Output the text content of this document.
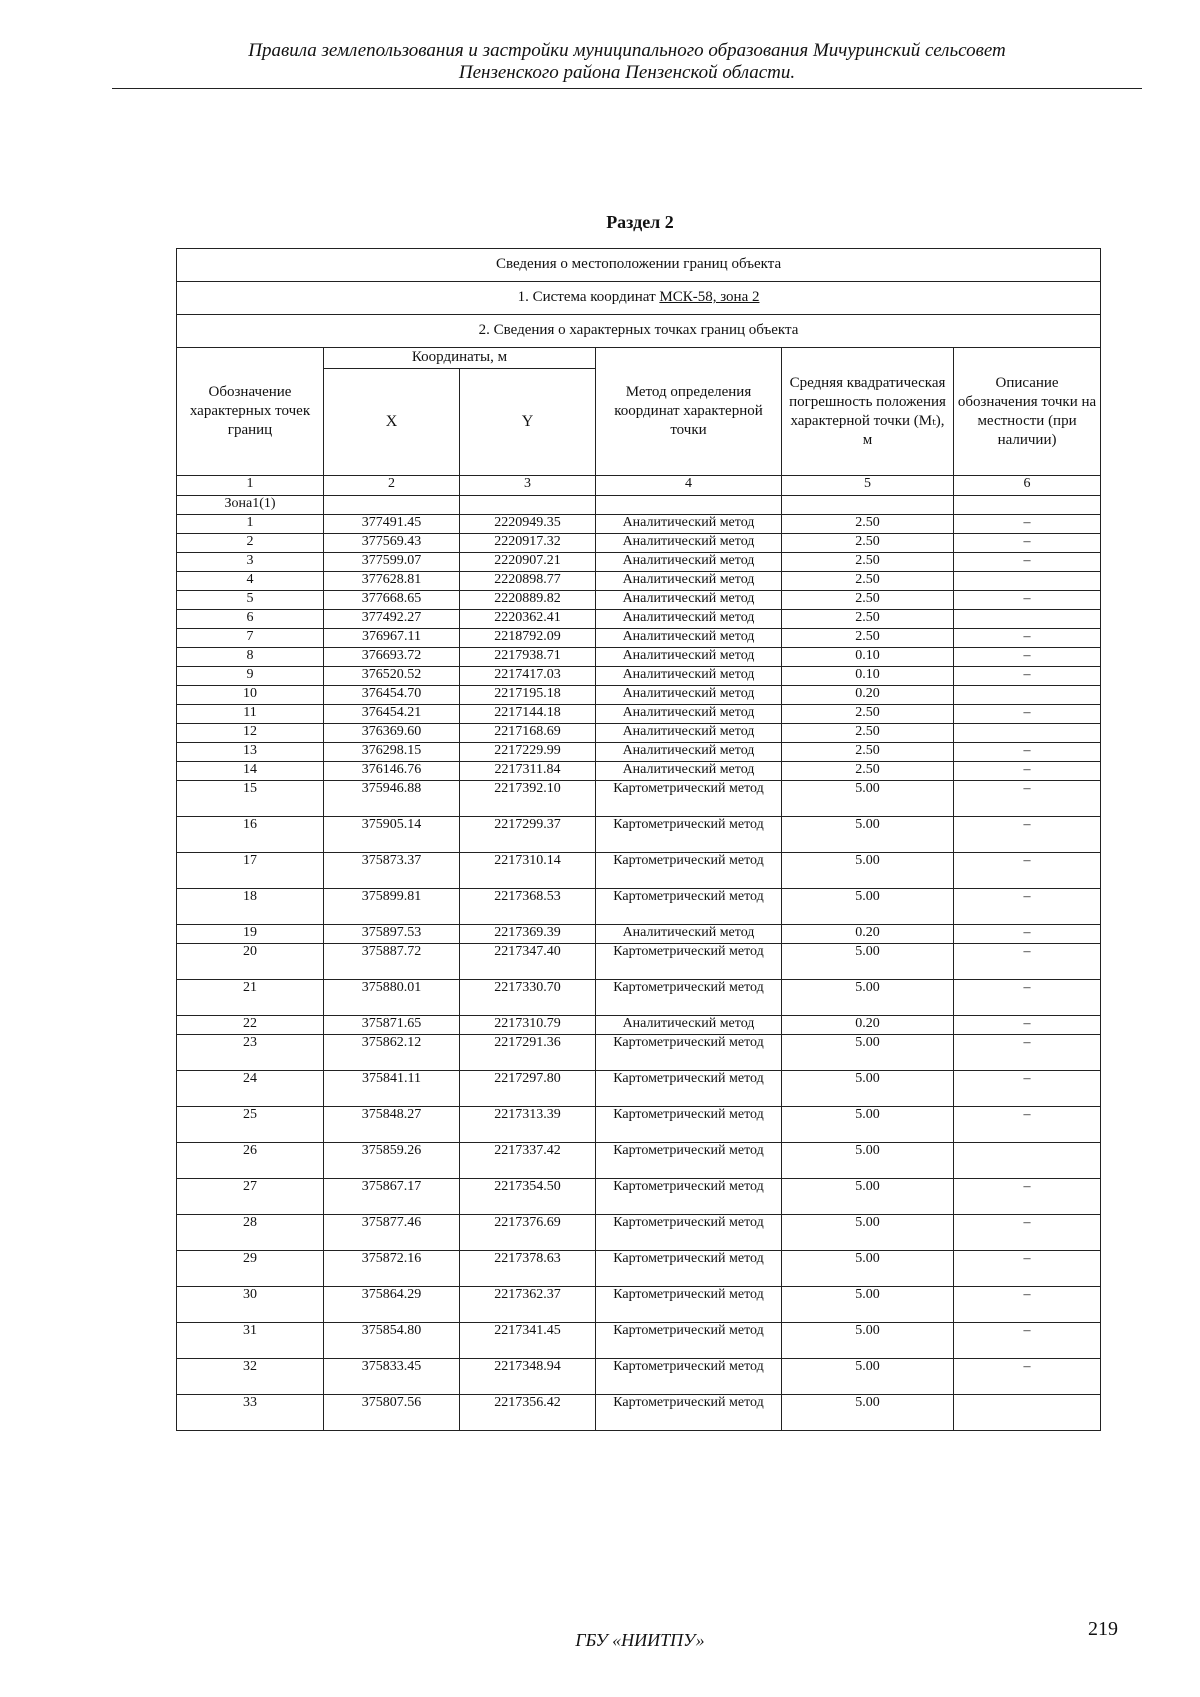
Правила землепользования и застройки муниципального образования Мичуринский сельсовет
Пензенского района Пензенской области.
Раздел 2
Сведения о местоположении границ объекта					
1. Система координат МСК-58, зона 2					
2. Сведения о характерных точках границ объекта					
Обозначение характерных точек границ	Координаты, м		Метод определения координат характерной точки	Средняя квадратическая погрешность положения характерной точки (Mₜ), м	Описание обозначения точки на местности (при наличии)
	X	Y			
1	2	3	4	5	6
Зона1(1)					
1	377491.45	2220949.35	Аналитический метод	2.50	–
2	377569.43	2220917.32	Аналитический метод	2.50	–
3	377599.07	2220907.21	Аналитический метод	2.50	–
4	377628.81	2220898.77	Аналитический метод	2.50	
5	377668.65	2220889.82	Аналитический метод	2.50	–
6	377492.27	2220362.41	Аналитический метод	2.50	
7	376967.11	2218792.09	Аналитический метод	2.50	–
8	376693.72	2217938.71	Аналитический метод	0.10	–
9	376520.52	2217417.03	Аналитический метод	0.10	–
10	376454.70	2217195.18	Аналитический метод	0.20	
11	376454.21	2217144.18	Аналитический метод	2.50	–
12	376369.60	2217168.69	Аналитический метод	2.50	
13	376298.15	2217229.99	Аналитический метод	2.50	–
14	376146.76	2217311.84	Аналитический метод	2.50	–
15	375946.88	2217392.10	Картометрический метод	5.00	–
16	375905.14	2217299.37	Картометрический метод	5.00	–
17	375873.37	2217310.14	Картометрический метод	5.00	–
18	375899.81	2217368.53	Картометрический метод	5.00	–
19	375897.53	2217369.39	Аналитический метод	0.20	–
20	375887.72	2217347.40	Картометрический метод	5.00	–
21	375880.01	2217330.70	Картометрический метод	5.00	–
22	375871.65	2217310.79	Аналитический метод	0.20	–
23	375862.12	2217291.36	Картометрический метод	5.00	–
24	375841.11	2217297.80	Картометрический метод	5.00	–
25	375848.27	2217313.39	Картометрический метод	5.00	–
26	375859.26	2217337.42	Картометрический метод	5.00	
27	375867.17	2217354.50	Картометрический метод	5.00	–
28	375877.46	2217376.69	Картометрический метод	5.00	–
29	375872.16	2217378.63	Картометрический метод	5.00	–
30	375864.29	2217362.37	Картометрический метод	5.00	–
31	375854.80	2217341.45	Картометрический метод	5.00	–
32	375833.45	2217348.94	Картометрический метод	5.00	–
33	375807.56	2217356.42	Картометрический метод	5.00	
ГБУ «НИИТПУ»	219
